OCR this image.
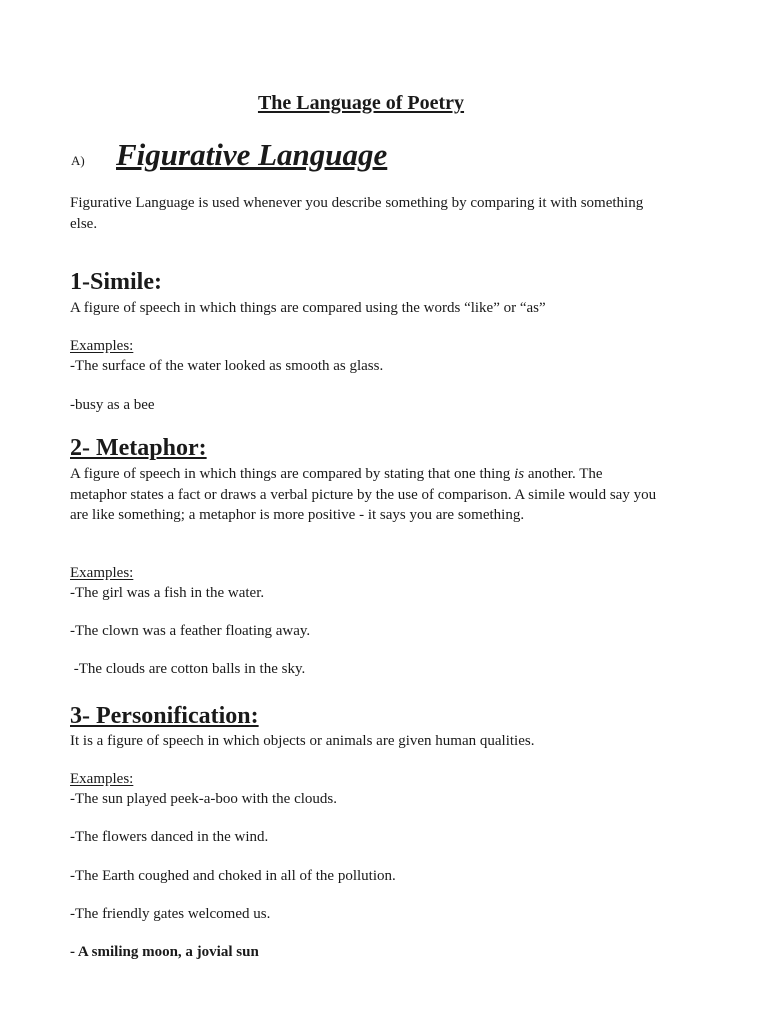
The Language of Poetry
A) Figurative Language

Figurative Language is used whenever you describe something by comparing it with something else.

1-Simile:

A figure of speech in which things are compared using the words “like” or “as”

Examples:
-The surface of the water looked as smooth as glass.
-busy as a bee
2- Metaphor:

A figure of speech in which things are compared by stating that one thing is another. The metaphor states a fact or draws a verbal picture by the use of comparison. A simile would say you are like something; a metaphor is more positive - it says you are something.

Examples:
-The girl was a fish in the water.
-The clown was a feather floating away.
-The clouds are cotton balls in the sky.
3- Personification:

It is a figure of speech in which objects or animals are given human qualities.

Examples:
-The sun played peek-a-boo with the clouds.
-The flowers danced in the wind.
-The Earth coughed and choked in all of the pollution.
-The friendly gates welcomed us.
- A smiling moon, a jovial sun
